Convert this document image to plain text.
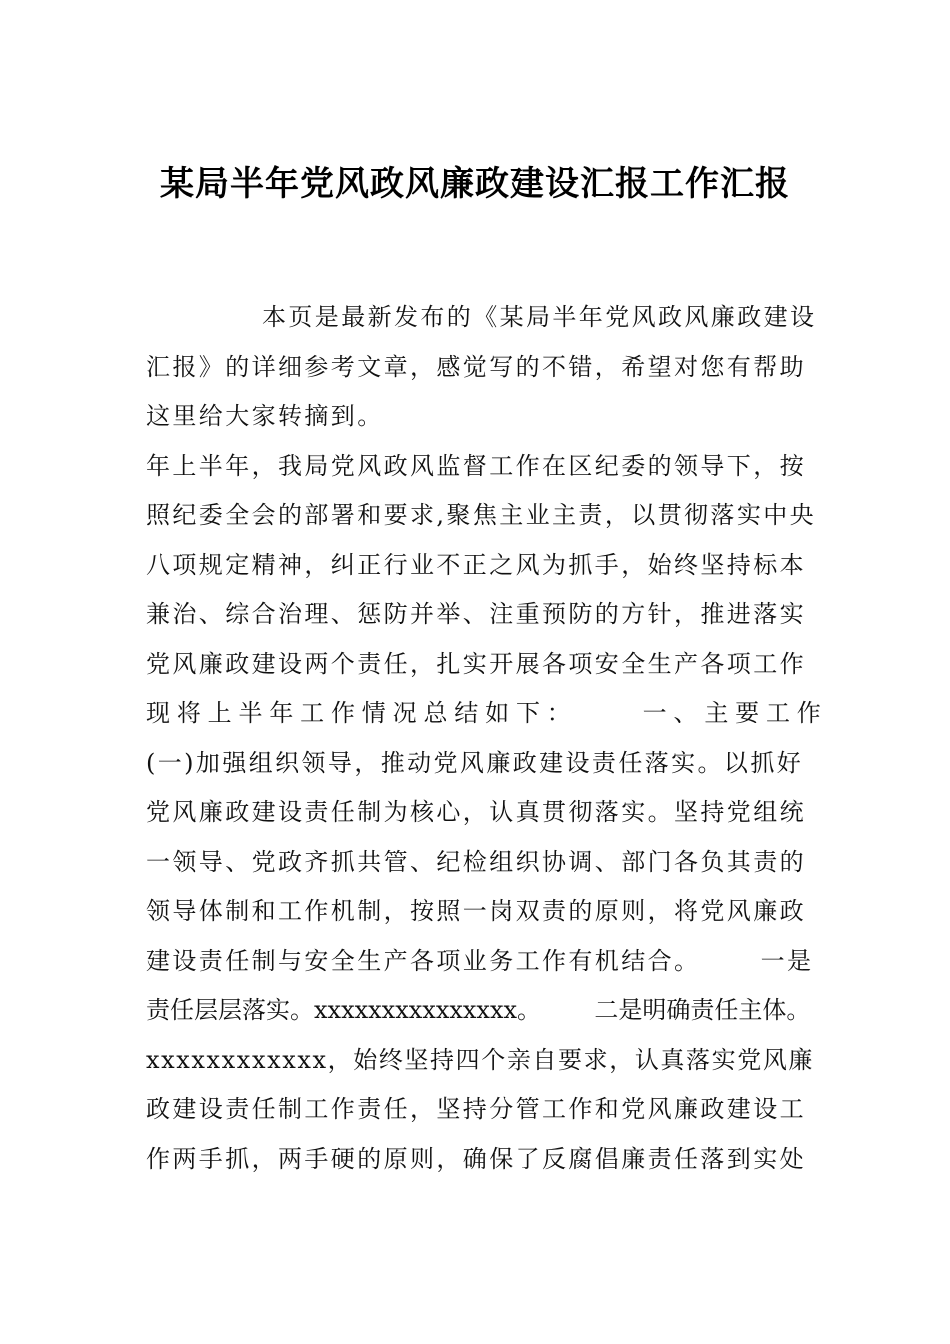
某局半年党风政风廉政建设汇报工作汇报
本页是最新发布的《某局半年党风政风廉政建设
汇报》的详细参考文章，感觉写的不错，希望对您有帮助
这里给大家转摘到。
年上半年，我局党风政风监督工作在区纪委的领导下，按
照纪委全会的部署和要求,聚焦主业主责，以贯彻落实中央
八项规定精神，纠正行业不正之风为抓手，始终坚持标本
兼治、综合治理、惩防并举、注重预防的方针，推进落实
党风廉政建设两个责任，扎实开展各项安全生产各项工作
现 将 上 半 年 工 作 情 况 总 结 如 下 ：          一 、 主 要 工 作
(一)加强组织领导，推动党风廉政建设责任落实。以抓好
党风廉政建设责任制为核心，认真贯彻落实。坚持党组统
一领导、党政齐抓共管、纪检组织协调、部门各负其责的
领导体制和工作机制，按照一岗双责的原则，将党风廉政
建设责任制与安全生产各项业务工作有机结合。      一是
责任层层落实。xxxxxxxxxxxxxxx。       二是明确责任主体。
xxxxxxxxxxxx，始终坚持四个亲自要求，认真落实党风廉
政建设责任制工作责任，坚持分管工作和党风廉政建设工
作两手抓，两手硬的原则，确保了反腐倡廉责任落到实处
